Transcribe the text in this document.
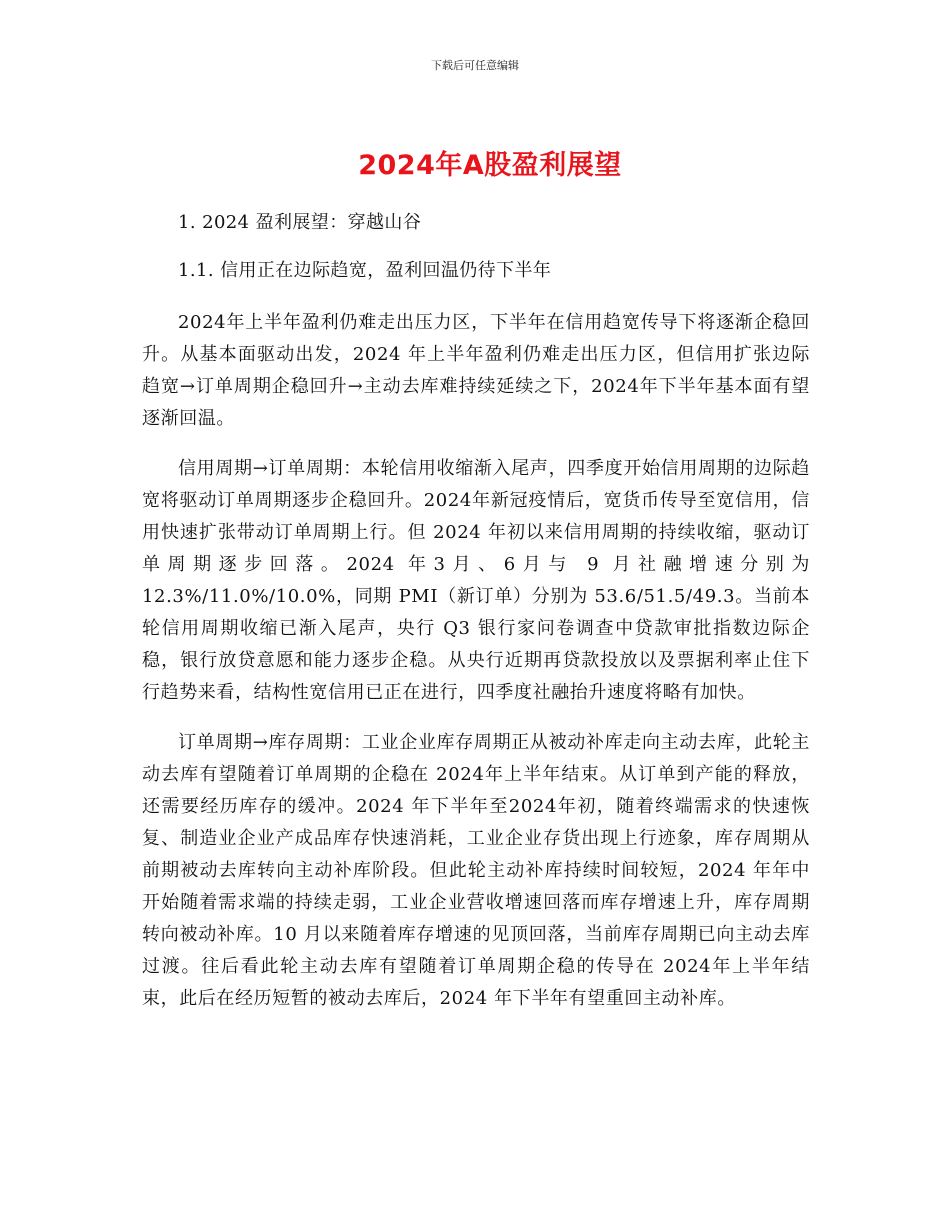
下载后可任意编辑
2024年A股盈利展望
1. 2024 盈利展望：穿越山谷
1.1. 信用正在边际趋宽，盈利回温仍待下半年

2024年上半年盈利仍难走出压力区，下半年在信用趋宽传导下将逐渐企稳回升。从基本面驱动出发，2024 年上半年盈利仍难走出压力区，但信用扩张边际趋宽→订单周期企稳回升→主动去库难持续延续之下，2024年下半年基本面有望逐渐回温。

信用周期→订单周期：本轮信用收缩渐入尾声，四季度开始信用周期的边际趋宽将驱动订单周期逐步企稳回升。2024年新冠疫情后，宽货币传导至宽信用，信用快速扩张带动订单周期上行。但 2024 年初以来信用周期的持续收缩，驱动订单周期逐步回落。2024 年3月、6月与 9 月社融增速分别为 12.3%/11.0%/10.0%，同期 PMI（新订单）分别为 53.6/51.5/49.3。当前本轮信用周期收缩已渐入尾声，央行 Q3 银行家问卷调查中贷款审批指数边际企稳，银行放贷意愿和能力逐步企稳。从央行近期再贷款投放以及票据利率止住下行趋势来看，结构性宽信用已正在进行，四季度社融抬升速度将略有加快。

订单周期→库存周期：工业企业库存周期正从被动补库走向主动去库，此轮主动去库有望随着订单周期的企稳在 2024年上半年结束。从订单到产能的释放，还需要经历库存的缓冲。2024 年下半年至2024年初，随着终端需求的快速恢复、制造业企业产成品库存快速消耗，工业企业存货出现上行迹象，库存周期从前期被动去库转向主动补库阶段。但此轮主动补库持续时间较短，2024 年年中开始随着需求端的持续走弱，工业企业营收增速回落而库存增速上升，库存周期转向被动补库。10 月以来随着库存增速的见顶回落，当前库存周期已向主动去库过渡。往后看此轮主动去库有望随着订单周期企稳的传导在 2024年上半年结束，此后在经历短暂的被动去库后，2024 年下半年有望重回主动补库。
